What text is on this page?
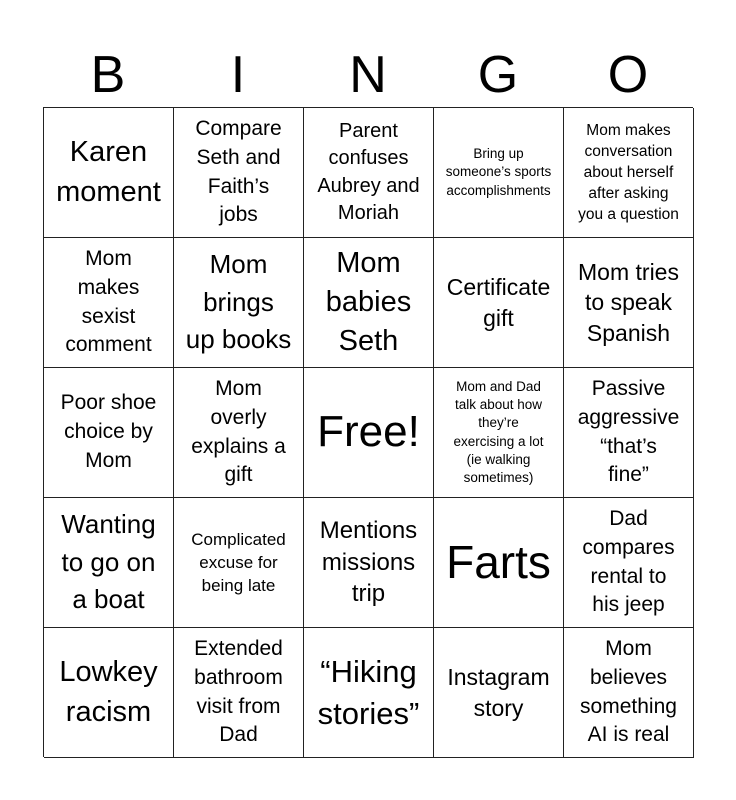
B	I	N	G	O
Karen
moment
Compare
Seth and
Faith’s
jobs
Parent
confuses
Aubrey and
Moriah
Bring up
someone’s sports
accomplishments
Mom makes
conversation
about herself
after asking
you a question
Mom
makes
sexist
comment
Mom
brings
up books
Mom
babies
Seth
Certificate
gift
Mom tries
to speak
Spanish
Poor shoe
choice by
Mom
Mom
overly
explains a
gift
Free!
Mom and Dad
talk about how
they’re
exercising a lot
(ie walking
sometimes)
Passive
aggressive
“that’s
fine”
Wanting
to go on
a boat
Complicated
excuse for
being late
Mentions
missions
trip
Farts
Dad
compares
rental to
his jeep
Lowkey
racism
Extended
bathroom
visit from
Dad
“Hiking
stories”
Instagram
story
Mom
believes
something
AI is real
